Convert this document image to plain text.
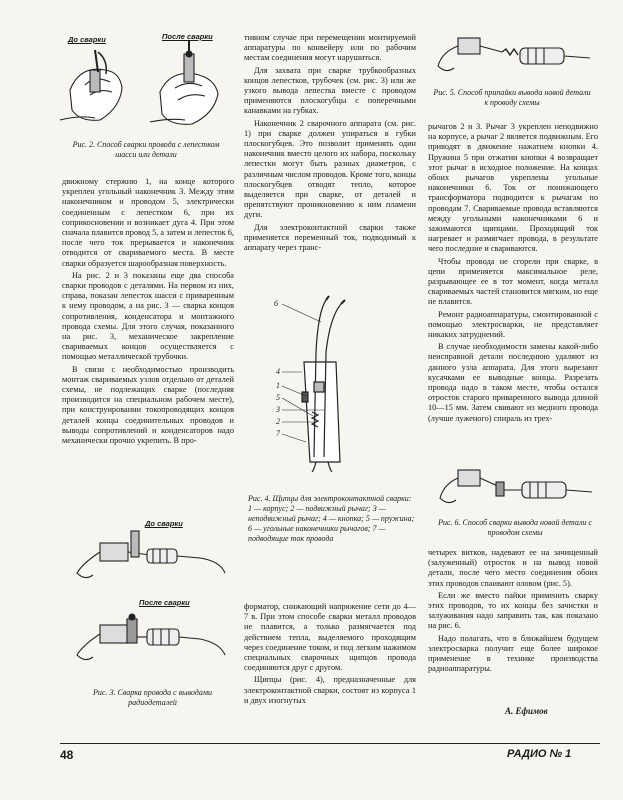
До сварки	После сварки
Рис. 2. Способ сварки провода с лепестком шасси или детали
До сварки
После сварки
Рис. 3. Сварка провода с выводами радиодеталей

движному стержню 1, на конце которого укреплен угольный наконечник 3. Между этим наконечником и проводом 5, электрически соединенным с лепестком 6, при их соприкосновении и возникает дуга 4. При этом сначала плавится провод 5, а затем и лепесток 6, после чего ток прерывается и наконечник отводится от свариваемого места. В месте сварки образуется шарообразная поверхность.

На рис. 2 и 3 показаны еще два способа сварки проводов с деталями. На первом из них, справа, показан лепесток шасси с приваренным к нему проводом, а на рис. 3 — сварка концов сопротивления, конденсатора и монтажного провода схемы. Для этого случая, показанного на рис. 3, механическое закрепление свариваемых концов осуществляется с помощью металлической трубочки.

В связи с необходимостью производить монтаж свариваемых узлов отдельно от деталей схемы, не подлежащих сварке (последняя производится на специальном рабочем месте), при конструировании токопроводящих концов деталей концы соединительных проводов и выводы сопротивлений и конденсаторов надо механически прочно укрепить. В про-

тивном случае при перемещении монтируемой аппаратуры по конвейеру или по рабочим местам соединения могут нарушиться.

Для захвата при сварке трубкообразных концов лепестков, трубочек (см. рис. 3) или же узкого вывода лепестка вместе с проводом применяются плоскогубцы с поперечными канавками на губках.

Наконечник 2 сварочного аппарата (см. рис. 1) при сварке должен упираться в губки плоскогубцев. Это позволит применять один наконечник вместо целого их набора, поскольку лепестки могут быть разных диаметров, с различным числом проводов. Кроме того, концы плоскогубцев отводят тепло, которое выделяется при сварке, от деталей и препятствуют проникновению к ним пламени дуги.

Для электроконтактной сварки также применяется переменный ток, подводимый к аппарату через транс-

6
4
1
5
3
2
7
Рис. 4. Щипцы для электроконтактной сварки: 1 — корпус; 2 — подвижный рычаг; 3 — неподвижный рычаг; 4 — кнопка; 5 — пружина; 6 — угольные наконечники рычагов; 7 — подводящие ток провода

форматор, снижающий напряжение сети до 4—7 в. При этом способе сварки металл проводов не плавится, а только размягчается под действием тепла, выделяемого проходящим через соединение током, и под легким нажимом специальных сварочных щипцов провода соединяются друг с другом.

Щипцы (рис. 4), предназначенные для электроконтактной сварки, состоят из корпуса 1 и двух изогнутых

Рис. 5. Способ припайки вывода новой детали к проводу схемы

рычагов 2 и 3. Рычаг 3 укреплен неподвижно на корпусе, а рычаг 2 является подвижным. Его приводят в движение нажатием кнопки 4. Пружина 5 при отжатии кнопки 4 возвращает этот рычаг в исходное положение. На концах обоих рычагов укреплены угольные наконечники 6. Ток от понижающего трансформатора подводится к рычагам по проводам 7. Свариваемые провода вставляются между угольными наконечниками 6 и зажимаются щипцами. Проходящий ток нагревает и размягчает провода, в результате чего последние и свариваются.

Чтобы провода не сгорели при сварке, в цепи применяется максимальное реле, разрывающее ее в тот момент, когда металл свариваемых частей становится мягким, но еще не плавится.

Ремонт радиоаппаратуры, смонтированной с помощью электросварки, не представляет никаких затруднений.

В случае необходимости замены какой-либо неисправной детали последнюю удаляют из данного узла аппарата. Для этого вырезают кусачками ее выводные концы. Разрезать провода надо в таком месте, чтобы остался отросток старого приваренного вывода длиной 10—15 мм. Затем свивают из медного провода (лучше луженого) спираль из трех-

Рис. 6. Способ сварки вывода новой детали с проводом схемы

четырех витков, надевают ее на зачищенный (залуженный) отросток и на вывод новой детали, после чего место соединения обоих этих проводов спаивают оловом (рис. 5).

Если же вместо пайки применить сварку этих проводов, то их концы без зачистки и залуживания надо заправить так, как показано на рис. 6.

Надо полагать, что в ближайшем будущем электросварка получит еще более широкое применение в технике производства радиоаппаратуры.

А. Ефимов
48	РАДИО № 1
